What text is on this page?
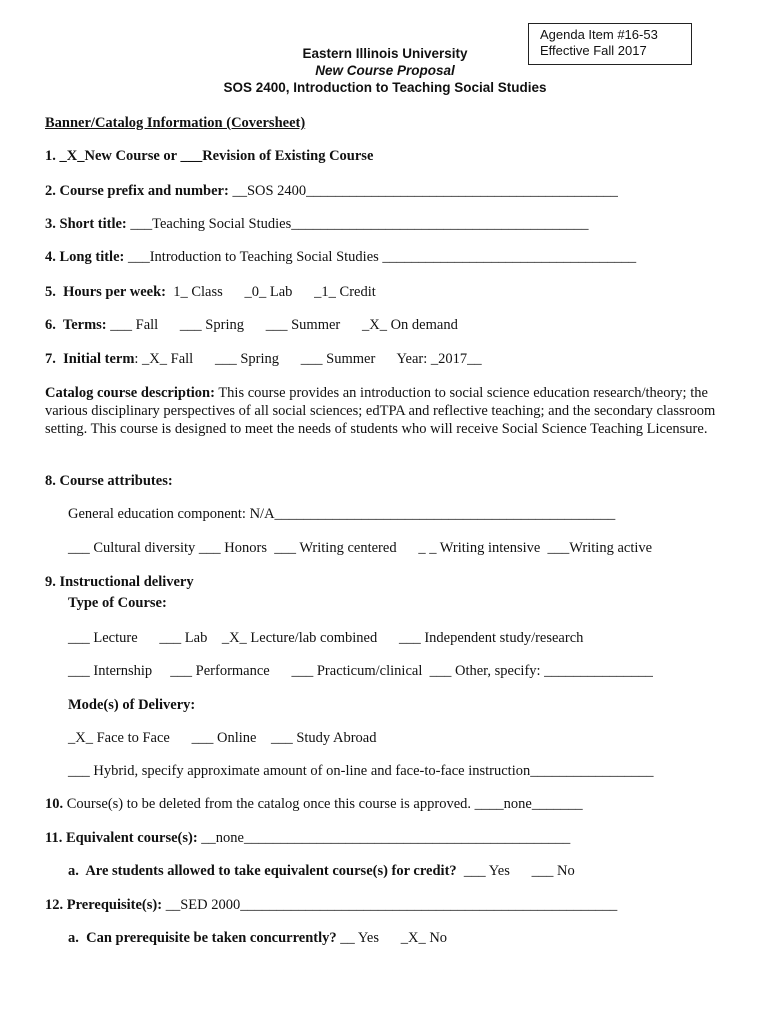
Agenda Item #16-53
Effective Fall 2017
Eastern Illinois University
New Course Proposal
SOS 2400, Introduction to Teaching Social Studies
Banner/Catalog Information (Coversheet)
1. _X_New Course or ___Revision of Existing Course
2. Course prefix and number: __SOS 2400___________________________________________
3. Short title: ___Teaching Social Studies_________________________________________
4. Long title: ___Introduction to Teaching Social Studies ___________________________________
5.  Hours per week:  1_ Class      _0_ Lab      _1_ Credit
6.  Terms: ___ Fall      ___ Spring      ___ Summer      _X_ On demand
7.  Initial term: _X_ Fall      ___ Spring      ___ Summer      Year: _2017__
Catalog course description: This course provides an introduction to social science education research/theory; the various disciplinary perspectives of all social sciences; edTPA and reflective teaching; and the secondary classroom setting. This course is designed to meet the needs of students who will receive Social Science Teaching Licensure.
8. Course attributes:
General education component: N/A_______________________________________________
___ Cultural diversity ___ Honors  ___ Writing centered      _ _ Writing intensive  ___Writing active
9. Instructional delivery
Type of Course:
___ Lecture      ___ Lab    _X_ Lecture/lab combined      ___ Independent study/research
___ Internship     ___ Performance      ___ Practicum/clinical  ___ Other, specify: _______________
Mode(s) of Delivery:
_X_ Face to Face      ___ Online    ___ Study Abroad
___ Hybrid, specify approximate amount of on-line and face-to-face instruction_________________
10. Course(s) to be deleted from the catalog once this course is approved. ____none_______
11. Equivalent course(s): __none_____________________________________________
a.  Are students allowed to take equivalent course(s) for credit?  ___ Yes      ___ No
12. Prerequisite(s): __SED 2000____________________________________________________
a.  Can prerequisite be taken concurrently? __ Yes      _X_ No
